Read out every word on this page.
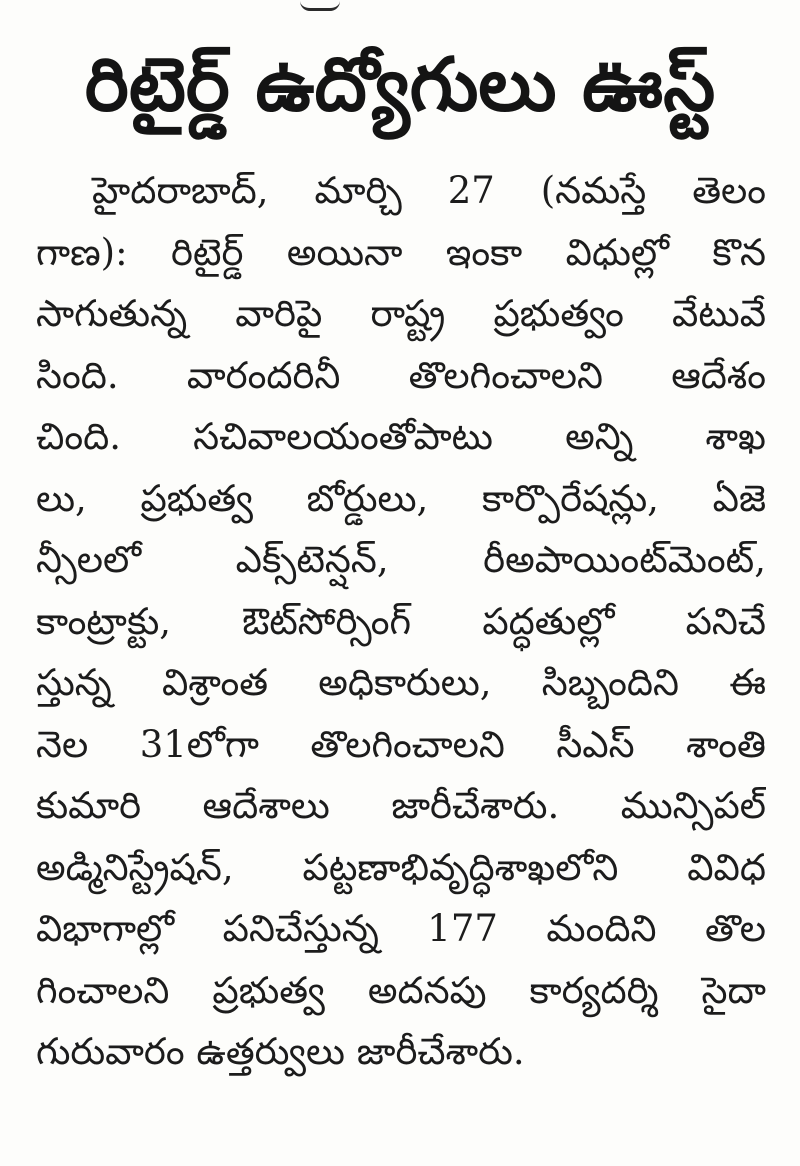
రిటైర్డ్ ఉద్యోగులు ఊస్ట్
హైదరాబాద్, మార్చి 27 (నమస్తే తెలం
గాణ): రిటైర్డ్ అయినా ఇంకా విధుల్లో కొన
సాగుతున్న వారిపై రాష్ట్ర ప్రభుత్వం వేటువే
సింది. వారందరినీ తొలగించాలని ఆదేశం
చింది. సచివాలయంతోపాటు అన్ని శాఖ
లు, ప్రభుత్వ బోర్డులు, కార్పొరేషన్లు, ఏజె
న్సీలలో ఎక్స్‌టెన్షన్, రీఅపాయింట్‌మెంట్,
కాంట్రాక్టు, ఔట్‌సోర్సింగ్ పద్ధతుల్లో పనిచే
స్తున్న విశ్రాంత అధికారులు, సిబ్బందిని ఈ
నెల 31లోగా తొలగించాలని సీఎస్ శాంతి
కుమారి ఆదేశాలు జారీచేశారు. మున్సిపల్
అడ్మినిస్ట్రేషన్, పట్టణాభివృద్ధిశాఖలోని వివిధ
విభాగాల్లో పనిచేస్తున్న 177 మందిని తొల
గించాలని ప్రభుత్వ అదనపు కార్యదర్శి సైదా
గురువారం ఉత్తర్వులు జారీచేశారు.
